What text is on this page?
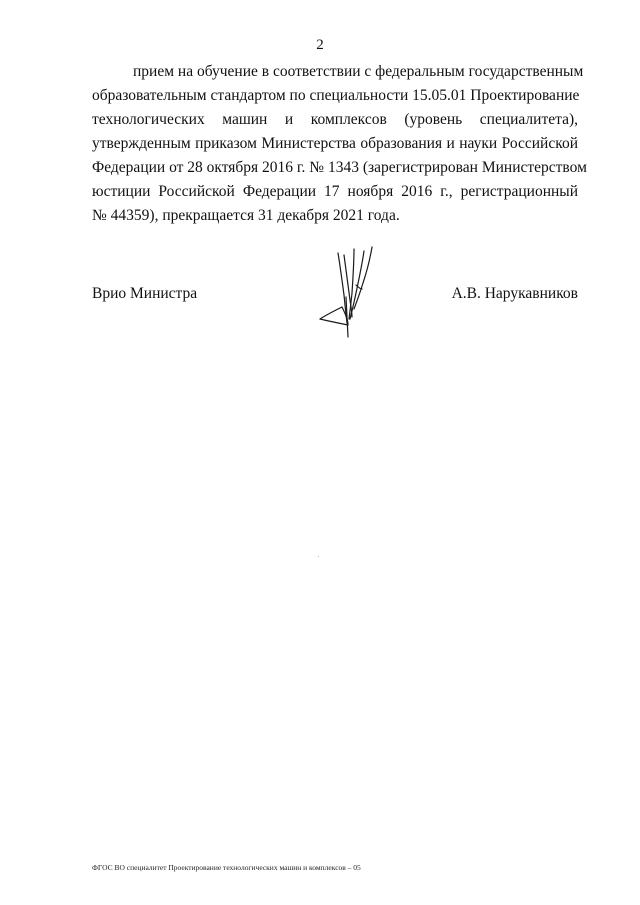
2
прием на обучение в соответствии с федеральным государственным
образовательным стандартом по специальности 15.05.01 Проектирование
технологических машин и комплексов (уровень специалитета),
утвержденным приказом Министерства образования и науки Российской
Федерации от 28 октября 2016 г. № 1343 (зарегистрирован Министерством
юстиции Российской Федерации 17 ноября 2016 г., регистрационный
№ 44359), прекращается 31 декабря 2021 года.
Врио Министра	А.В. Нарукавников
ФГОС ВО специалитет Проектирование технологических машин и комплексов – 05
